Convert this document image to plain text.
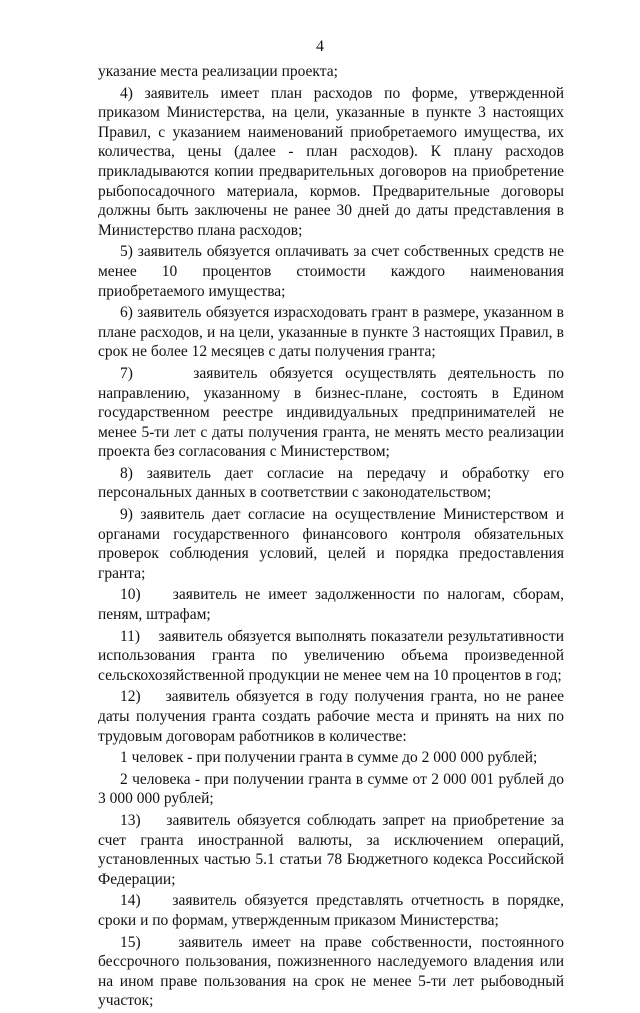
4

указание места реализации проекта;

4) заявитель имеет план расходов по форме, утвержденной приказом Министерства, на цели, указанные в пункте 3 настоящих Правил, с указанием наименований приобретаемого имущества, их количества, цены (далее - план расходов). К плану расходов прикладываются копии предварительных договоров на приобретение рыбопосадочного материала, кормов. Предварительные договоры должны быть заключены не ранее 30 дней до даты представления в Министерство плана расходов;

5) заявитель обязуется оплачивать за счет собственных средств не менее 10 процентов стоимости каждого наименования приобретаемого имущества;

6) заявитель обязуется израсходовать грант в размере, указанном в плане расходов, и на цели, указанные в пункте 3 настоящих Правил, в срок не более 12 месяцев с даты получения гранта;

7)     заявитель обязуется осуществлять деятельность по направлению, указанному в бизнес-плане, состоять в Едином государственном реестре индивидуальных предпринимателей не менее 5-ти лет с даты получения гранта, не менять место реализации проекта без согласования с Министерством;

8) заявитель дает согласие на передачу и обработку его персональных данных в соответствии с законодательством;

9) заявитель дает согласие на осуществление Министерством и органами государственного финансового контроля обязательных проверок соблюдения условий, целей и порядка предоставления гранта;

10)    заявитель не имеет задолженности по налогам, сборам, пеням, штрафам;

11)    заявитель обязуется выполнять показатели результативности использования гранта по увеличению объема произведенной сельскохозяйственной продукции не менее чем на 10 процентов в год;

12)    заявитель обязуется в году получения гранта, но не ранее даты получения гранта создать рабочие места и принять на них по трудовым договорам работников в количестве:

1 человек - при получении гранта в сумме до 2 000 000 рублей;

2 человека - при получении гранта в сумме от 2 000 001 рублей до 3 000 000 рублей;

13)    заявитель обязуется соблюдать запрет на приобретение за счет гранта иностранной валюты, за исключением операций, установленных частью 5.1 статьи 78 Бюджетного кодекса Российской Федерации;

14)    заявитель обязуется представлять отчетность в порядке, сроки и по формам, утвержденным приказом Министерства;

15)    заявитель имеет на праве собственности, постоянного бессрочного пользования, пожизненного наследуемого владения или на ином праве пользования на срок не менее 5-ти лет рыбоводный участок;
